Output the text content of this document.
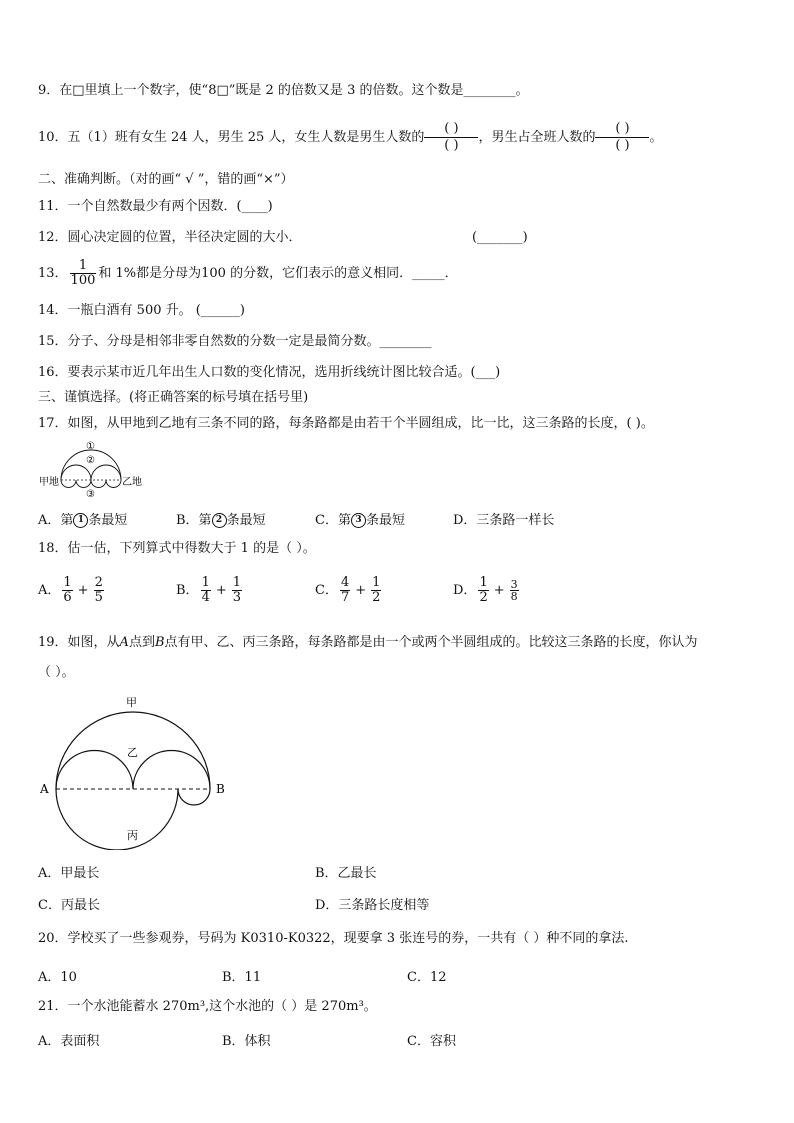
9．在□里填上一个数字，使“8□”既是 2 的倍数又是 3 的倍数。这个数是________。
10．五（1）班有女生 24 人，男生 25 人，女生人数是男生人数的 $\frac{( )}{( )}$ ，男生占全班人数的 $\frac{( )}{( )}$ 。
二、准确判断。（对的画“ √ ”，错的画“×”）
11．一个自然数最少有两个因数．(____)
12．圆心决定圆的位置，半径决定圆的大小．	(_______)
13． $\frac{1}{100}$ 和 1%都是分母为100 的分数，它们表示的意义相同．_____．
14．一瓶白酒有 500 升。 (______)
15．分子、分母是相邻非零自然数的分数一定是最简分数。________
16．要表示某市近几年出生人口数的变化情况，选用折线统计图比较合适。(___)
三、谨慎选择。(将正确答案的标号填在括号里)
17．如图，从甲地到乙地有三条不同的路，每条路都是由若干个半圆组成，比一比，这三条路的长度，( )。
甲地	乙地
①
②
③
A．第 1 条最短	B．第 2 条最短	C．第 3 条最短	D．三条路一样长
18．估一估，下列算式中得数大于 1 的是（ ）。
A． $\frac{1}{6} + \frac{2}{5}$	B． $\frac{1}{4} + \frac{1}{3}$	C． $\frac{4}{7} + \frac{1}{2}$	D． $\frac{1}{2} + \frac{3}{8}$
19．如图，从A点到B点有甲、乙、丙三条路，每条路都是由一个或两个半圆组成的。比较这三条路的长度，你认为
（ ）。
甲
乙
丙
A	B
A．甲最长	B．乙最长
C．丙最长	D．三条路长度相等
20．学校买了一些参观券，号码为 K0310-K0322，现要拿 3 张连号的券，一共有（ ）种不同的拿法.
A．10	B．11	C．12
21．一个水池能蓄水 270m³,这个水池的（ ）是 270m³。
A．表面积	B．体积	C．容积
